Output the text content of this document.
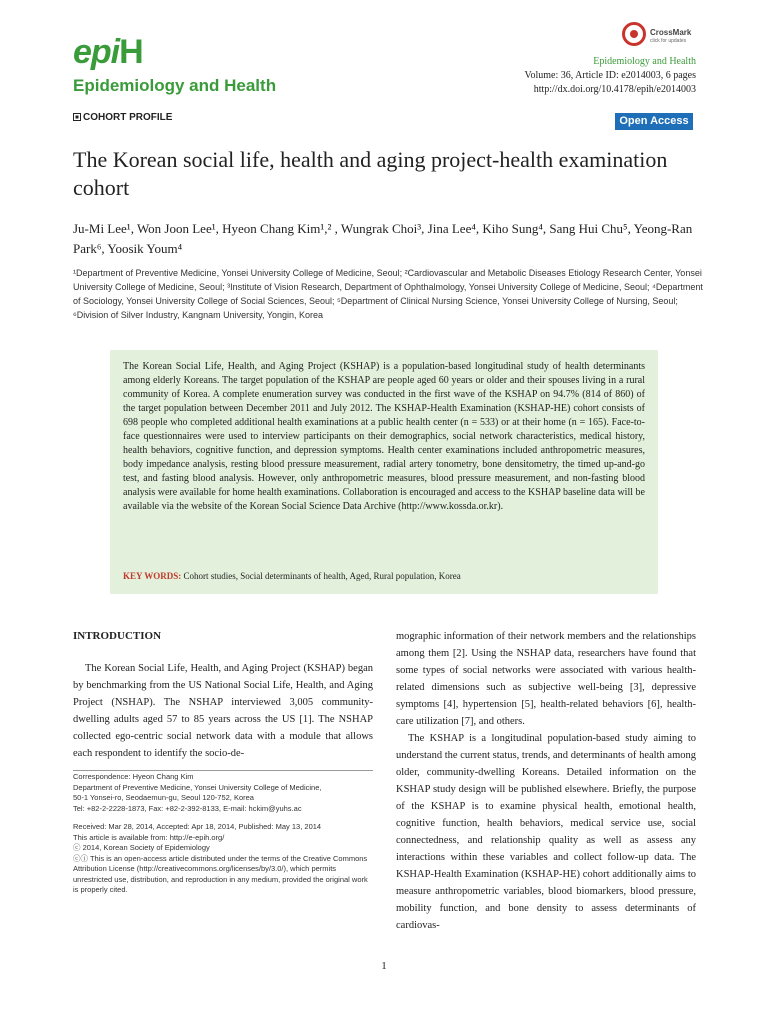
epiH
Epidemiology and Health
CrossMark
click for updates
Epidemiology and Health
Volume: 36, Article ID: e2014003, 6 pages
http://dx.doi.org/10.4178/epih/e2014003
COHORT PROFILE	Open Access
The Korean social life, health and aging project-health examination cohort
Ju-Mi Lee¹, Won Joon Lee¹, Hyeon Chang Kim¹,² , Wungrak Choi³, Jina Lee⁴, Kiho Sung⁴, Sang Hui Chu⁵, Yeong-Ran Park⁶, Yoosik Youm⁴
¹Department of Preventive Medicine, Yonsei University College of Medicine, Seoul; ²Cardiovascular and Metabolic Diseases Etiology Research Center, Yonsei University College of Medicine, Seoul; ³Institute of Vision Research, Department of Ophthalmology, Yonsei University College of Medicine, Seoul; ⁴Department of Sociology, Yonsei University College of Social Sciences, Seoul; ⁵Department of Clinical Nursing Science, Yonsei University College of Nursing, Seoul; ⁶Division of Silver Industry, Kangnam University, Yongin, Korea
The Korean Social Life, Health, and Aging Project (KSHAP) is a population-based longitudinal study of health determinants among elderly Koreans. The target population of the KSHAP are people aged 60 years or older and their spouses living in a rural community of Korea. A complete enumeration survey was conducted in the first wave of the KSHAP on 94.7% (814 of 860) of the target population between December 2011 and July 2012. The KSHAP-Health Examination (KSHAP-HE) cohort consists of 698 people who completed additional health examinations at a public health center (n = 533) or at their home (n = 165). Face-to-face questionnaires were used to interview participants on their demographics, social network characteristics, medical history, health behaviors, cognitive function, and depression symptoms. Health center examinations included anthropometric measures, body impedance analysis, resting blood pressure measurement, radial artery tonometry, bone densitometry, the timed up-and-go test, and fasting blood analysis. However, only anthropometric measures, blood pressure measurement, and non-fasting blood analysis were available for home health examinations. Collaboration is encouraged and access to the KSHAP baseline data will be available via the website of the Korean Social Science Data Archive (http://www.kossda.or.kr).
KEY WORDS: Cohort studies, Social determinants of health, Aged, Rural population, Korea
INTRODUCTION

The Korean Social Life, Health, and Aging Project (KSHAP) began by benchmarking from the US National Social Life, Health, and Aging Project (NSHAP). The NSHAP interviewed 3,005 community-dwelling adults aged 57 to 85 years across the US [1]. The NSHAP collected ego-centric social network data with a module that allows each respondent to identify the socio-de-

Correspondence: Hyeon Chang Kim
Department of Preventive Medicine, Yonsei University College of Medicine,
50-1 Yonsei-ro, Seodaemun-gu, Seoul 120-752, Korea
Tel: +82-2-2228-1873, Fax: +82-2-392-8133, E-mail: hckim@yuhs.ac
Received: Mar 28, 2014, Accepted: Apr 18, 2014, Published: May 13, 2014
This article is available from: http://e-epih.org/
ⓒ 2014, Korean Society of Epidemiology
ⓒⓘ This is an open-access article distributed under the terms of the Creative Commons Attribution License (http://creativecommons.org/licenses/by/3.0/), which permits unrestricted use, distribution, and reproduction in any medium, provided the original work is properly cited.

mographic information of their network members and the relationships among them [2]. Using the NSHAP data, researchers have found that some types of social networks were associated with various health-related dimensions such as subjective well-being [3], depressive symptoms [4], hypertension [5], health-related behaviors [6], health-care utilization [7], and others.

The KSHAP is a longitudinal population-based study aiming to understand the current status, trends, and determinants of health among older, community-dwelling Koreans. Detailed information on the KSHAP study design will be published elsewhere. Briefly, the purpose of the KSHAP is to examine physical health, emotional health, cognitive function, health behaviors, medical service use, social connectedness, and relationship quality as well as assess any interactions within these variables and collect follow-up data. The KSHAP-Health Examination (KSHAP-HE) cohort additionally aims to measure anthropometric variables, blood biomarkers, blood pressure, mobility function, and bone density to assess determinants of cardiovas-

1
